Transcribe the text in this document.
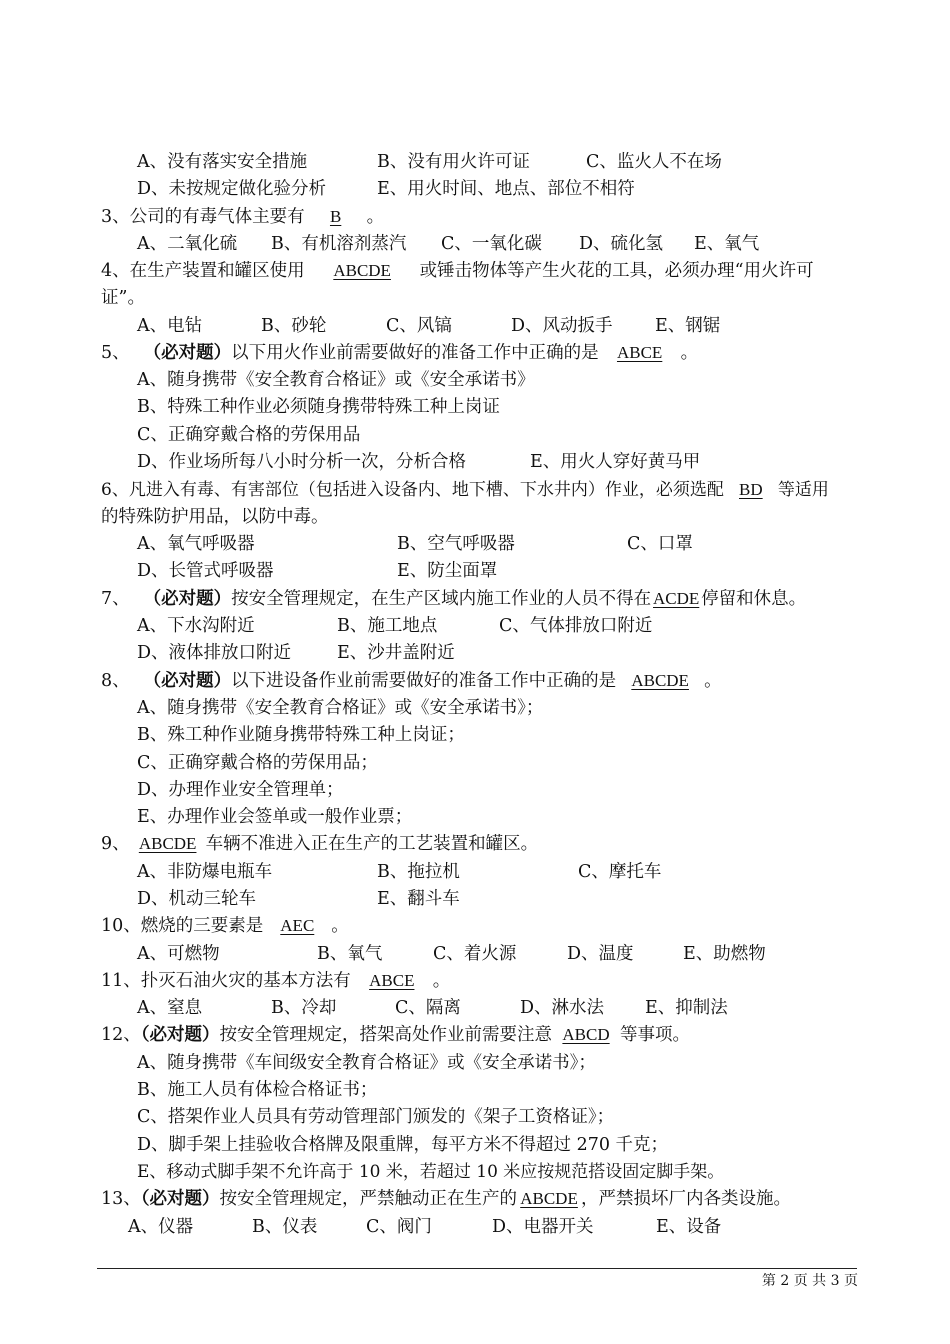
A、没有落实安全措施	B、没有用火许可证	C、监火人不在场
D、未按规定做化验分析	E、用火时间、地点、部位不相符
3、公司的有毒气体主要有 B 。
A、二氧化硫 B、有机溶剂蒸汽 C、一氧化碳 D、硫化氢 E、氧气
4、在生产装置和罐区使用 ABCDE 或锤击物体等产生火花的工具，必须办理“用火许可
证”。
A、电钻	B、砂轮	C、风镐	D、风动扳手 E、钢锯
5、 （必对题）以下用火作业前需要做好的准备工作中正确的是 ABCE 。
A、随身携带《安全教育合格证》或《安全承诺书》
B、特殊工种作业必须随身携带特殊工种上岗证
C、正确穿戴合格的劳保用品
D、作业场所每八小时分析一次，分析合格	E、用火人穿好黄马甲
6、凡进入有毒、有害部位（包括进入设备内、地下槽、下水井内）作业，必须选配 BD 等适用
的特殊防护用品，以防中毒。
A、氧气呼吸器	B、空气呼吸器	C、口罩
D、长管式呼吸器	E、防尘面罩
7、 （必对题）按安全管理规定，在生产区域内施工作业的人员不得在 ACDE 停留和休息。
A、下水沟附近	B、施工地点	C、气体排放口附近
D、液体排放口附近	E、沙井盖附近
8、 （必对题）以下进设备作业前需要做好的准备工作中正确的是 ABCDE 。
A、随身携带《安全教育合格证》或《安全承诺书》；
B、殊工种作业随身携带特殊工种上岗证；
C、正确穿戴合格的劳保用品；
D、办理作业安全管理单；
E、办理作业会签单或一般作业票；
9、 ABCDE 车辆不准进入正在生产的工艺装置和罐区。
A、非防爆电瓶车	B、拖拉机	C、摩托车
D、机动三轮车	E、翻斗车
10、燃烧的三要素是 AEC 。
A、可燃物	B、氧气	C、着火源	D、温度	E、助燃物
11、扑灭石油火灾的基本方法有 ABCE 。
A、窒息	B、冷却	C、隔离	D、淋水法 E、抑制法
12、（必对题）按安全管理规定，搭架高处作业前需要注意 ABCD 等事项。
A、随身携带《车间级安全教育合格证》或《安全承诺书》；
B、施工人员有体检合格证书；
C、搭架作业人员具有劳动管理部门颁发的《架子工资格证》；
D、脚手架上挂验收合格牌及限重牌，每平方米不得超过 270 千克；
E、移动式脚手架不允许高于 10 米，若超过 10 米应按规范搭设固定脚手架。
13、（必对题）按安全管理规定，严禁触动正在生产的 ABCDE ，严禁损坏厂内各类设施。
A、仪器	B、仪表	C、阀门	D、电器开关	E、设备
第 2 页 共 3 页
